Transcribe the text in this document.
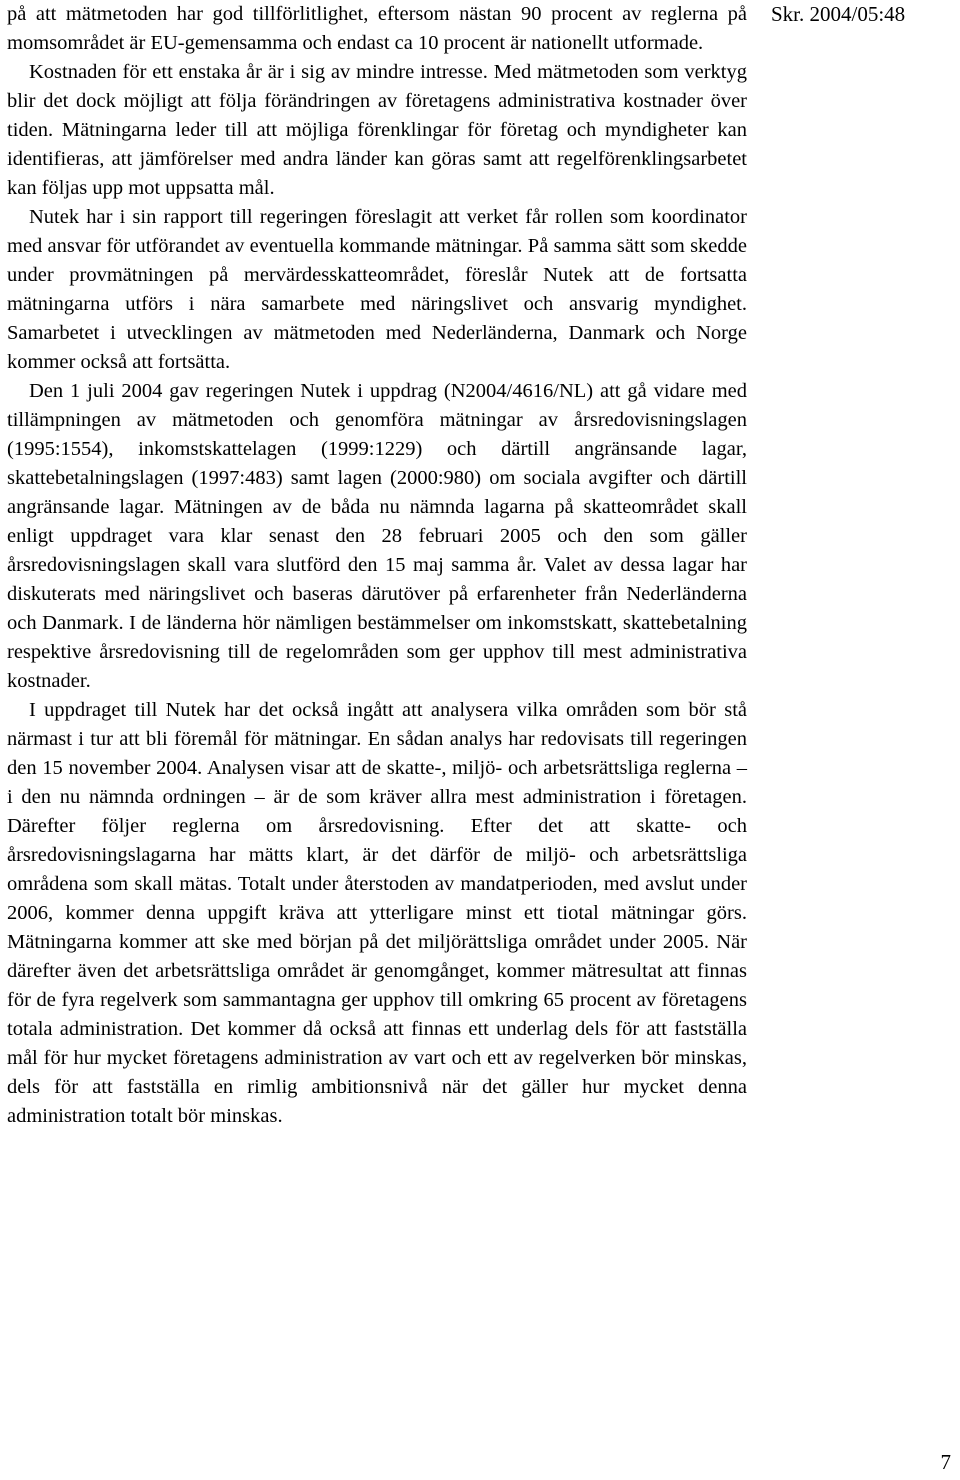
på att mätmetoden har god tillförlitlighet, eftersom nästan 90 procent av reglerna på momsområdet är EU-gemensamma och endast ca 10 procent är nationellt utformade.

Kostnaden för ett enstaka år är i sig av mindre intresse. Med mätmetoden som verktyg blir det dock möjligt att följa förändringen av företagens administrativa kostnader över tiden. Mätningarna leder till att möjliga förenklingar för företag och myndigheter kan identifieras, att jämförelser med andra länder kan göras samt att regelförenklingsarbetet kan följas upp mot uppsatta mål.

Nutek har i sin rapport till regeringen föreslagit att verket får rollen som koordinator med ansvar för utförandet av eventuella kommande mätningar. På samma sätt som skedde under provmätningen på mervärdesskatteområdet, föreslår Nutek att de fortsatta mätningarna utförs i nära samarbete med näringslivet och ansvarig myndighet. Samarbetet i utvecklingen av mätmetoden med Nederländerna, Danmark och Norge kommer också att fortsätta.

Den 1 juli 2004 gav regeringen Nutek i uppdrag (N2004/4616/NL) att gå vidare med tillämpningen av mätmetoden och genomföra mätningar av årsredovisningslagen (1995:1554), inkomstskattelagen (1999:1229) och därtill angränsande lagar, skattebetalningslagen (1997:483) samt lagen (2000:980) om sociala avgifter och därtill angränsande lagar. Mätningen av de båda nu nämnda lagarna på skatteområdet skall enligt uppdraget vara klar senast den 28 februari 2005 och den som gäller årsredovisningslagen skall vara slutförd den 15 maj samma år. Valet av dessa lagar har diskuterats med näringslivet och baseras därutöver på erfarenheter från Nederländerna och Danmark. I de länderna hör nämligen bestämmelser om inkomstskatt, skattebetalning respektive årsredovisning till de regelområden som ger upphov till mest administrativa kostnader.

I uppdraget till Nutek har det också ingått att analysera vilka områden som bör stå närmast i tur att bli föremål för mätningar. En sådan analys har redovisats till regeringen den 15 november 2004. Analysen visar att de skatte-, miljö- och arbetsrättsliga reglerna – i den nu nämnda ordningen – är de som kräver allra mest administration i företagen. Därefter följer reglerna om årsredovisning. Efter det att skatte- och årsredovisningslagarna har mätts klart, är det därför de miljö- och arbetsrättsliga områdena som skall mätas. Totalt under återstoden av mandatperioden, med avslut under 2006, kommer denna uppgift kräva att ytterligare minst ett tiotal mätningar görs. Mätningarna kommer att ske med början på det miljörättsliga området under 2005. När därefter även det arbetsrättsliga området är genomgånget, kommer mätresultat att finnas för de fyra regelverk som sammantagna ger upphov till omkring 65 procent av företagens totala administration. Det kommer då också att finnas ett underlag dels för att fastställa mål för hur mycket företagens administration av vart och ett av regelverken bör minskas, dels för att fastställa en rimlig ambitionsnivå när det gäller hur mycket denna administration totalt bör minskas.

Skr. 2004/05:48
7
